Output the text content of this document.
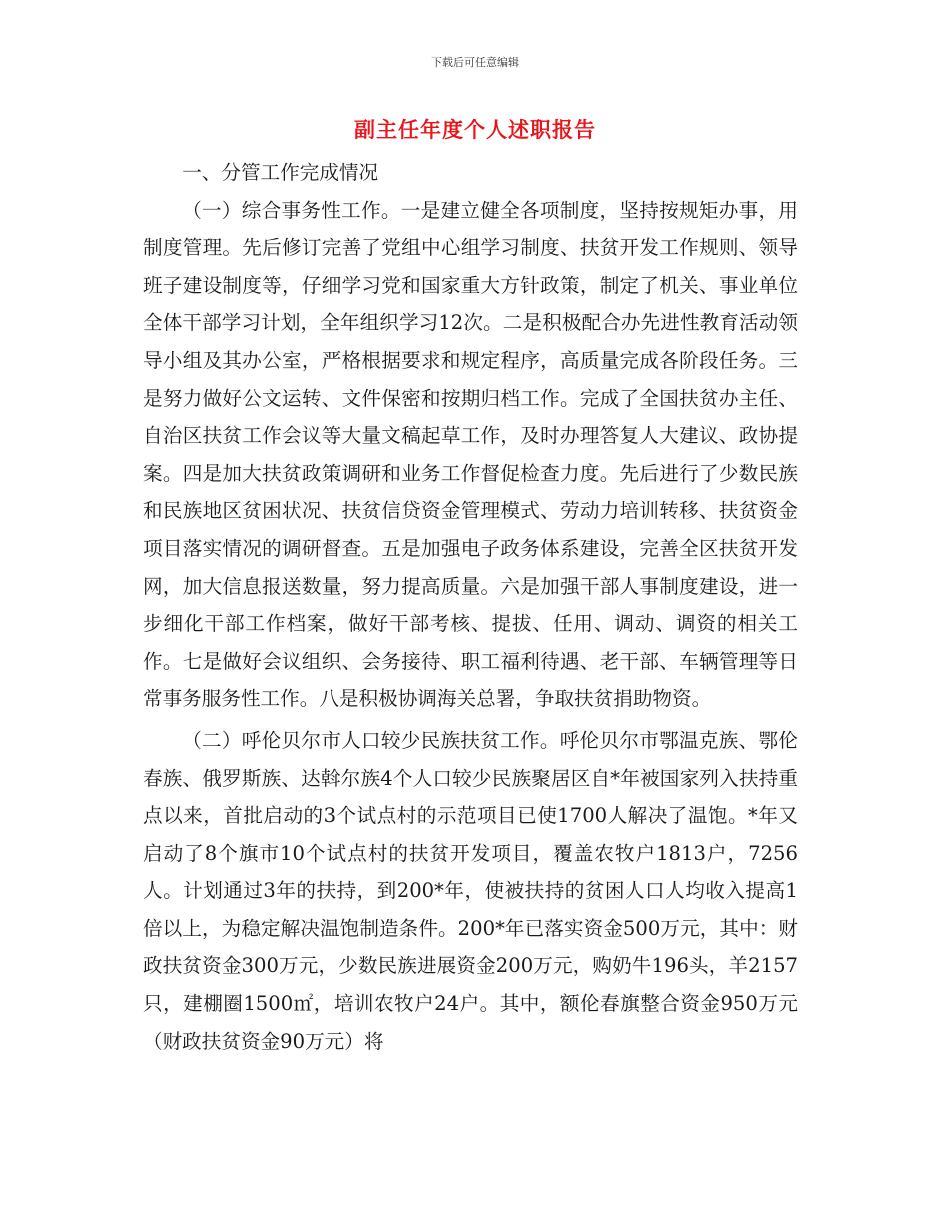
下载后可任意编辑
副主任年度个人述职报告

一、分管工作完成情况

（一）综合事务性工作。一是建立健全各项制度，坚持按规矩办事，用制度管理。先后修订完善了党组中心组学习制度、扶贫开发工作规则、领导班子建设制度等，仔细学习党和国家重大方针政策，制定了机关、事业单位全体干部学习计划，全年组织学习12次。二是积极配合办先进性教育活动领导小组及其办公室，严格根据要求和规定程序，高质量完成各阶段任务。三是努力做好公文运转、文件保密和按期归档工作。完成了全国扶贫办主任、自治区扶贫工作会议等大量文稿起草工作，及时办理答复人大建议、政协提案。四是加大扶贫政策调研和业务工作督促检查力度。先后进行了少数民族和民族地区贫困状况、扶贫信贷资金管理模式、劳动力培训转移、扶贫资金项目落实情况的调研督查。五是加强电子政务体系建设，完善全区扶贫开发网，加大信息报送数量，努力提高质量。六是加强干部人事制度建设，进一步细化干部工作档案，做好干部考核、提拔、任用、调动、调资的相关工作。七是做好会议组织、会务接待、职工福利待遇、老干部、车辆管理等日常事务服务性工作。八是积极协调海关总署，争取扶贫捐助物资。

（二）呼伦贝尔市人口较少民族扶贫工作。呼伦贝尔市鄂温克族、鄂伦春族、俄罗斯族、达斡尔族4个人口较少民族聚居区自*年被国家列入扶持重点以来，首批启动的3个试点村的示范项目已使1700人解决了温饱。*年又启动了8个旗市10个试点村的扶贫开发项目，覆盖农牧户1813户，7256人。计划通过3年的扶持，到200*年，使被扶持的贫困人口人均收入提高1倍以上，为稳定解决温饱制造条件。200*年已落实资金500万元，其中：财政扶贫资金300万元，少数民族进展资金200万元，购奶牛196头，羊2157只，建棚圈1500㎡，培训农牧户24户。其中，额伦春旗整合资金950万元（财政扶贫资金90万元）将
